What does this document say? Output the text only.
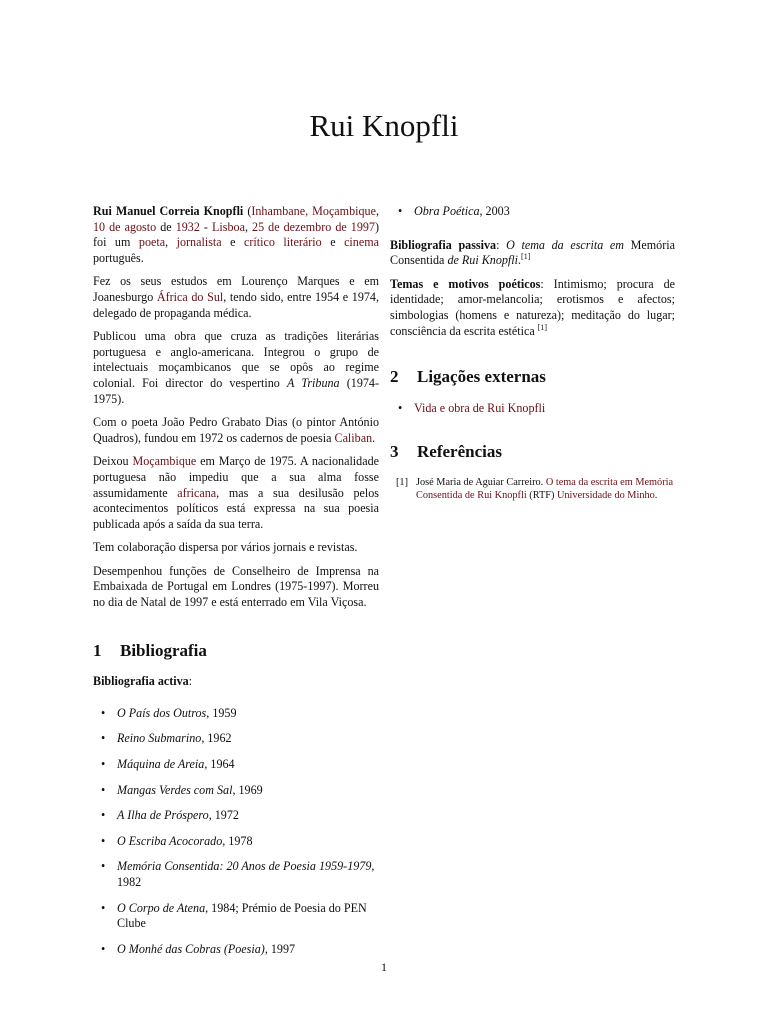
Rui Knopfli

Rui Manuel Correia Knopfli (Inhambane, Moçambique, 10 de agosto de 1932 - Lisboa, 25 de dezembro de 1997) foi um poeta, jornalista e crítico literário e cinema português.

Fez os seus estudos em Lourenço Marques e em Joanesburgo África do Sul, tendo sido, entre 1954 e 1974, delegado de propaganda médica.

Publicou uma obra que cruza as tradições literárias portuguesa e anglo-americana. Integrou o grupo de intelectuais moçambicanos que se opôs ao regime colonial. Foi director do vespertino A Tribuna (1974-1975).

Com o poeta João Pedro Grabato Dias (o pintor António Quadros), fundou em 1972 os cadernos de poesia Caliban.

Deixou Moçambique em Março de 1975. A nacionalidade portuguesa não impediu que a sua alma fosse assumidamente africana, mas a sua desilusão pelos acontecimentos políticos está expressa na sua poesia publicada após a saída da sua terra.

Tem colaboração dispersa por vários jornais e revistas.

Desempenhou funções de Conselheiro de Imprensa na Embaixada de Portugal em Londres (1975-1997). Morreu no dia de Natal de 1997 e está enterrado em Vila Viçosa.

1 Bibliografia

Bibliografia activa:

• O País dos Outros, 1959
• Reino Submarino, 1962
• Máquina de Areia, 1964
• Mangas Verdes com Sal, 1969
• A Ilha de Próspero, 1972
• O Escriba Acocorado, 1978
• Memória Consentida: 20 Anos de Poesia 1959-1979, 1982
• O Corpo de Atena, 1984; Prémio de Poesia do PEN Clube
• O Monhé das Cobras (Poesia), 1997
• Obra Poética, 2003

Bibliografia passiva: O tema da escrita em Memória Consentida de Rui Knopfli.[1]

Temas e motivos poéticos: Intimismo; procura de identidade; amor-melancolia; erotismos e afectos; simbologias (homens e natureza); meditação do lugar; consciência da escrita estética [1]

2 Ligações externas
• Vida e obra de Rui Knopfli
3 Referências
[1] José Maria de Aguiar Carreiro. O tema da escrita em Memória Consentida de Rui Knopfli (RTF) Universidade do Minho.
1
